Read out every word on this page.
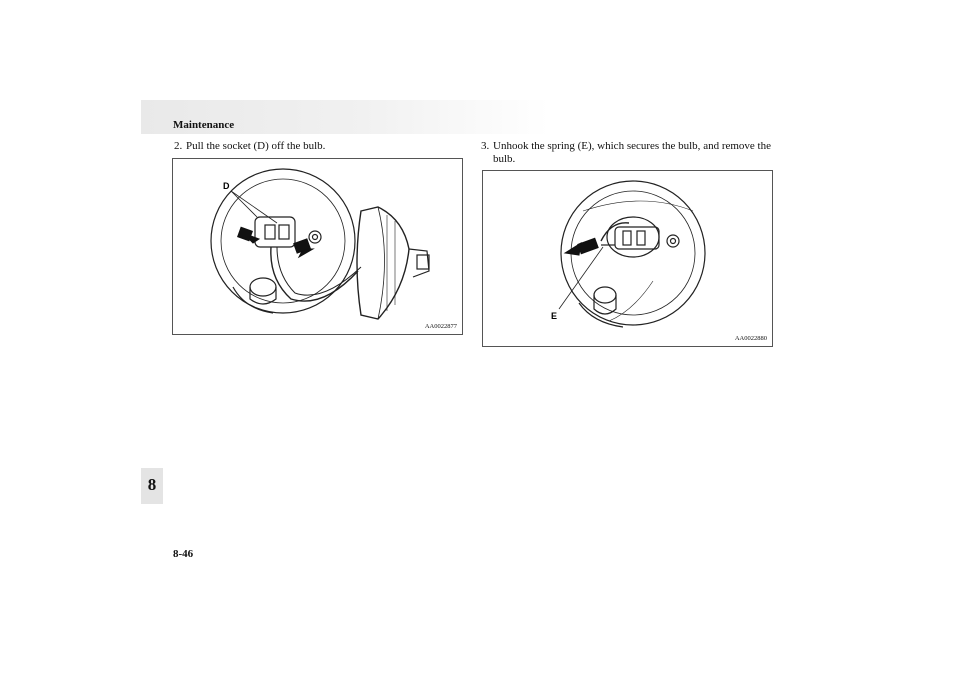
Maintenance
8
8-46
2. Pull the socket (D) off the bulb.	3. Unhook the spring (E), which secures the bulb, and remove the bulb.
D
AA0022877
E
AA0022880
